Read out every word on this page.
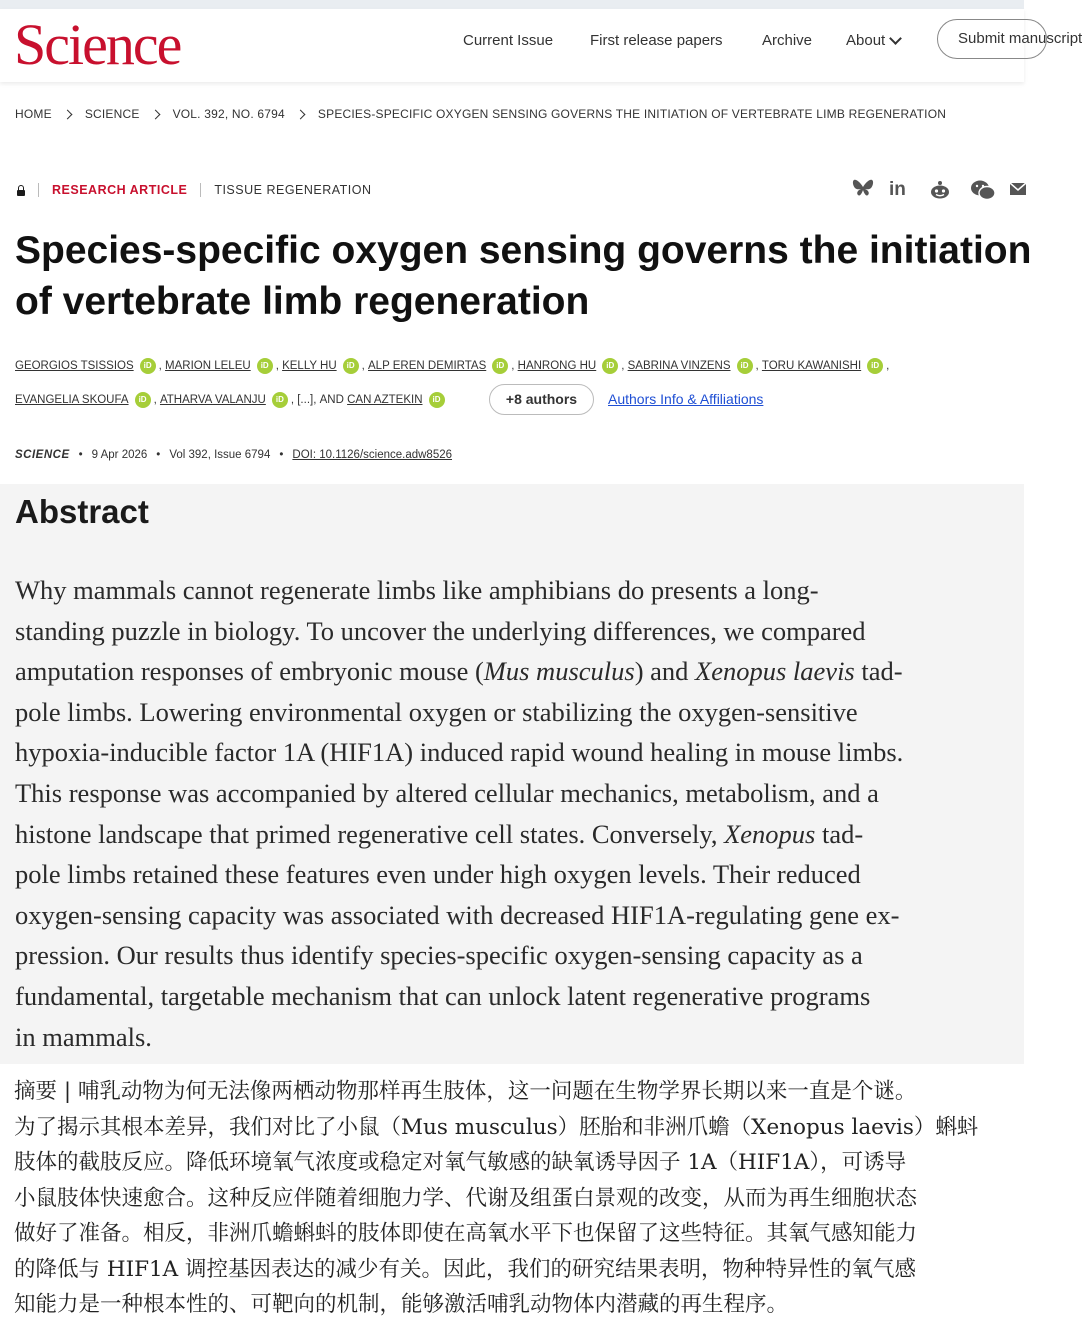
Science	Current Issue First release papers	Archive About	Submit manuscript
HOME	SCIENCE	VOL. 392, NO. 6794	SPECIES-SPECIFIC OXYGEN SENSING GOVERNS THE INITIATION OF VERTEBRATE LIMB REGENERATION
RESEARCH ARTICLE TISSUE REGENERATION	in
Species-specific oxygen sensing governs the initiation
of vertebrate limb regeneration
GEORGIOS TSISSIOS	iD , MARION LELEU	iD , KELLY HU	iD , ALP EREN DEMIRTAS	iD , HANRONG HU	iD , SABRINA VINZENS	iD , TORU KAWANISHI	iD ,
EVANGELIA SKOUFA	iD , ATHARVA VALANJU	iD , [...] , AND
CAN AZTEKIN	iD	+8 authors	Authors Info & Affiliations
SCIENCE • 9 Apr 2026 • Vol 392, Issue 6794 • DOI: 10.1126/science.adw8526
Abstract

Why mammals cannot regenerate limbs like amphibians do presents a long-
standing puzzle in biology. To uncover the underlying differences, we compared
amputation responses of embryonic mouse (Mus musculus) and Xenopus laevis tad-
pole limbs. Lowering environmental oxygen or stabilizing the oxygen-sensitive
hypoxia-inducible factor 1A (HIF1A) induced rapid wound healing in mouse limbs.
This response was accompanied by altered cellular mechanics, metabolism, and a
histone landscape that primed regenerative cell states. Conversely, Xenopus tad-
pole limbs retained these features even under high oxygen levels. Their reduced
oxygen-sensing capacity was associated with decreased HIF1A-regulating gene ex-
pression. Our results thus identify species-specific oxygen-sensing capacity as a
fundamental, targetable mechanism that can unlock latent regenerative programs
in mammals.

摘要 | 哺乳动物为何无法像两栖动物那样再生肢体，这一问题在生物学界长期以来一直是个谜。
为了揭示其根本差异，我们对比了小鼠（Mus musculus）胚胎和非洲爪蟾（Xenopus laevis）蝌蚪
肢体的截肢反应。降低环境氧气浓度或稳定对氧气敏感的缺氧诱导因子 1A（HIF1A），可诱导
小鼠肢体快速愈合。这种反应伴随着细胞力学、代谢及组蛋白景观的改变，从而为再生细胞状态
做好了准备。相反，非洲爪蟾蝌蚪的肢体即使在高氧水平下也保留了这些特征。其氧气感知能力
的降低与 HIF1A 调控基因表达的减少有关。因此，我们的研究结果表明，物种特异性的氧气感
知能力是一种根本性的、可靶向的机制，能够激活哺乳动物体内潜藏的再生程序。
